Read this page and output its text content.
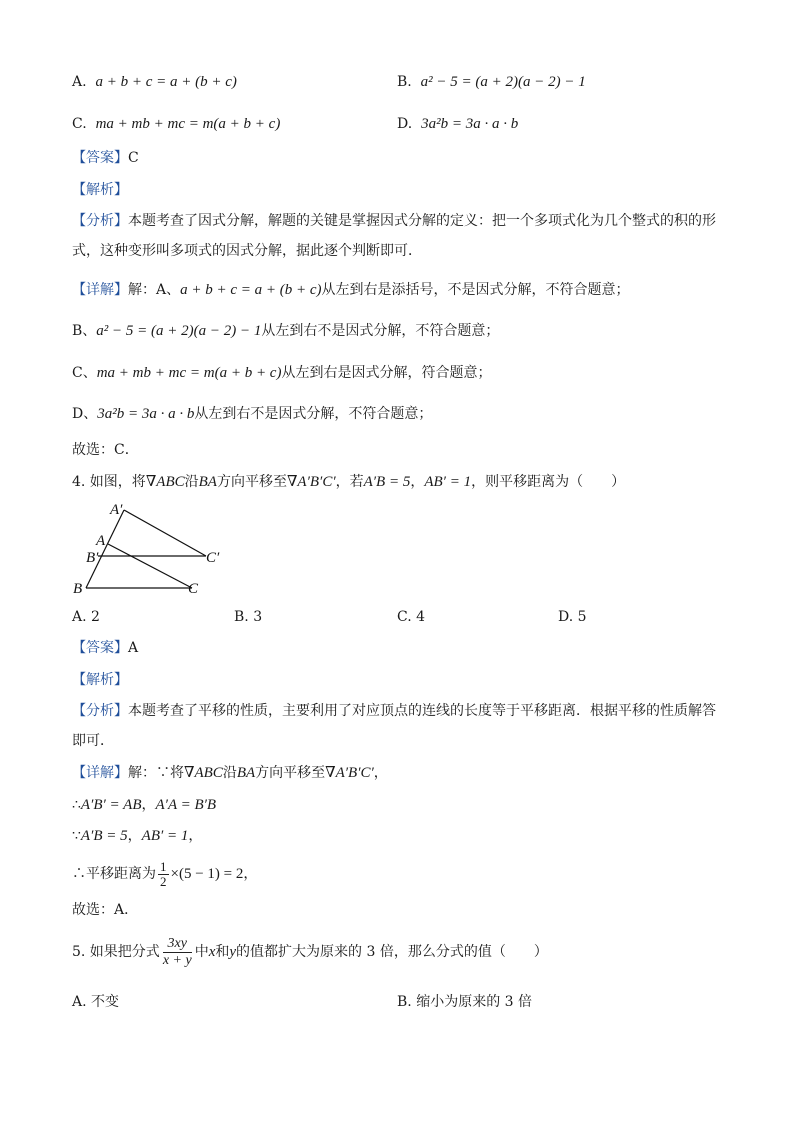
A. a + b + c = a + (b + c)	B. a² − 5 = (a + 2)(a − 2) − 1
C. ma + mb + mc = m(a + b + c)	D. 3a²b = 3a · a · b
【答案】C
【解析】
【分析】本题考查了因式分解，解题的关键是掌握因式分解的定义：把一个多项式化为几个整式的积的形式，这种变形叫多项式的因式分解，据此逐个判断即可．
【详解】解：A、a + b + c = a + (b + c)从左到右是添括号，不是因式分解，不符合题意；
B、a² − 5 = (a + 2)(a − 2) − 1从左到右不是因式分解，不符合题意；
C、ma + mb + mc = m(a + b + c)从左到右是因式分解，符合题意；
D、3a²b = 3a · a · b从左到右不是因式分解，不符合题意；
故选：C．
4. 如图，将∇ABC沿BA方向平移至∇A′B′C′，若A′B = 5，AB′ = 1，则平移距离为（　　）
A′
A
B′	C′
B	C
A. 2	B. 3	C. 4	D. 5
【答案】A
【解析】
【分析】本题考查了平移的性质，主要利用了对应顶点的连线的长度等于平移距离．根据平移的性质解答即可．
【详解】解：∵将∇ABC沿BA方向平移至∇A′B′C′，
∴A′B′ = AB，A′A = B′B
∵A′B = 5，AB′ = 1，
∴平移距离为 $\frac{1}{2} \times(5 - 1) = 2$，
故选：A．
5. 如果把分式 $\frac{3xy}{x + y}$ 中x和y的值都扩大为原来的 3 倍，那么分式的值（　　）
A. 不变	B. 缩小为原来的 3 倍
